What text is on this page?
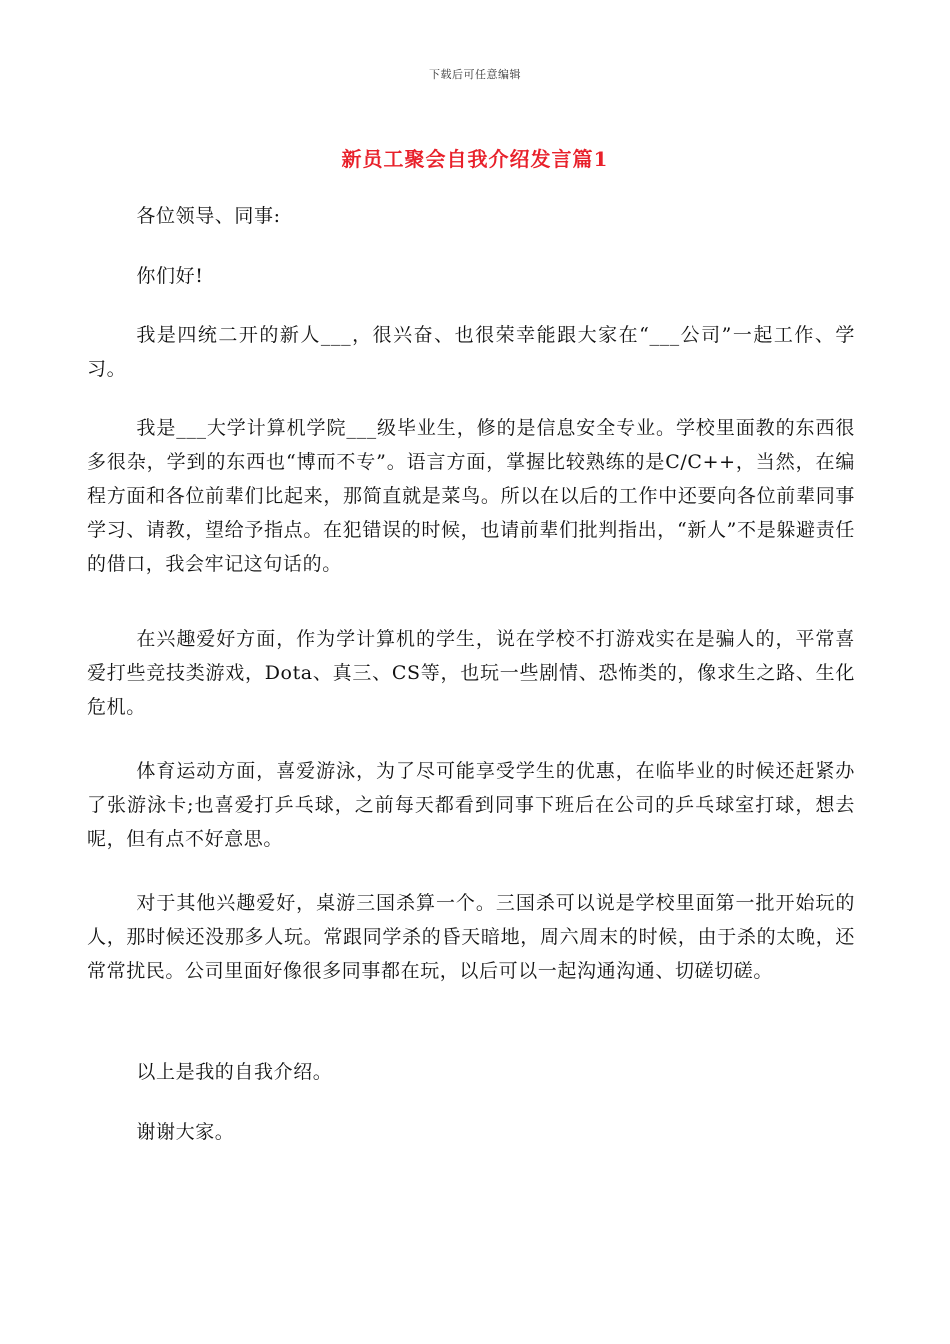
下载后可任意编辑
新员工聚会自我介绍发言篇1

各位领导、同事:

你们好!

我是四统二开的新人___，很兴奋、也很荣幸能跟大家在“___公司”一起工作、学习。

我是___大学计算机学院___级毕业生，修的是信息安全专业。学校里面教的东西很多很杂，学到的东西也“博而不专”。语言方面，掌握比较熟练的是C/C++，当然，在编程方面和各位前辈们比起来，那简直就是菜鸟。所以在以后的工作中还要向各位前辈同事学习、请教，望给予指点。在犯错误的时候，也请前辈们批判指出，“新人”不是躲避责任的借口，我会牢记这句话的。

在兴趣爱好方面，作为学计算机的学生，说在学校不打游戏实在是骗人的，平常喜爱打些竞技类游戏，Dota、真三、CS等，也玩一些剧情、恐怖类的，像求生之路、生化危机。

体育运动方面，喜爱游泳，为了尽可能享受学生的优惠，在临毕业的时候还赶紧办了张游泳卡;也喜爱打乒乓球，之前每天都看到同事下班后在公司的乒乓球室打球，想去呢，但有点不好意思。

对于其他兴趣爱好，桌游三国杀算一个。三国杀可以说是学校里面第一批开始玩的人，那时候还没那多人玩。常跟同学杀的昏天暗地，周六周末的时候，由于杀的太晚，还常常扰民。公司里面好像很多同事都在玩，以后可以一起沟通沟通、切磋切磋。

以上是我的自我介绍。

谢谢大家。
